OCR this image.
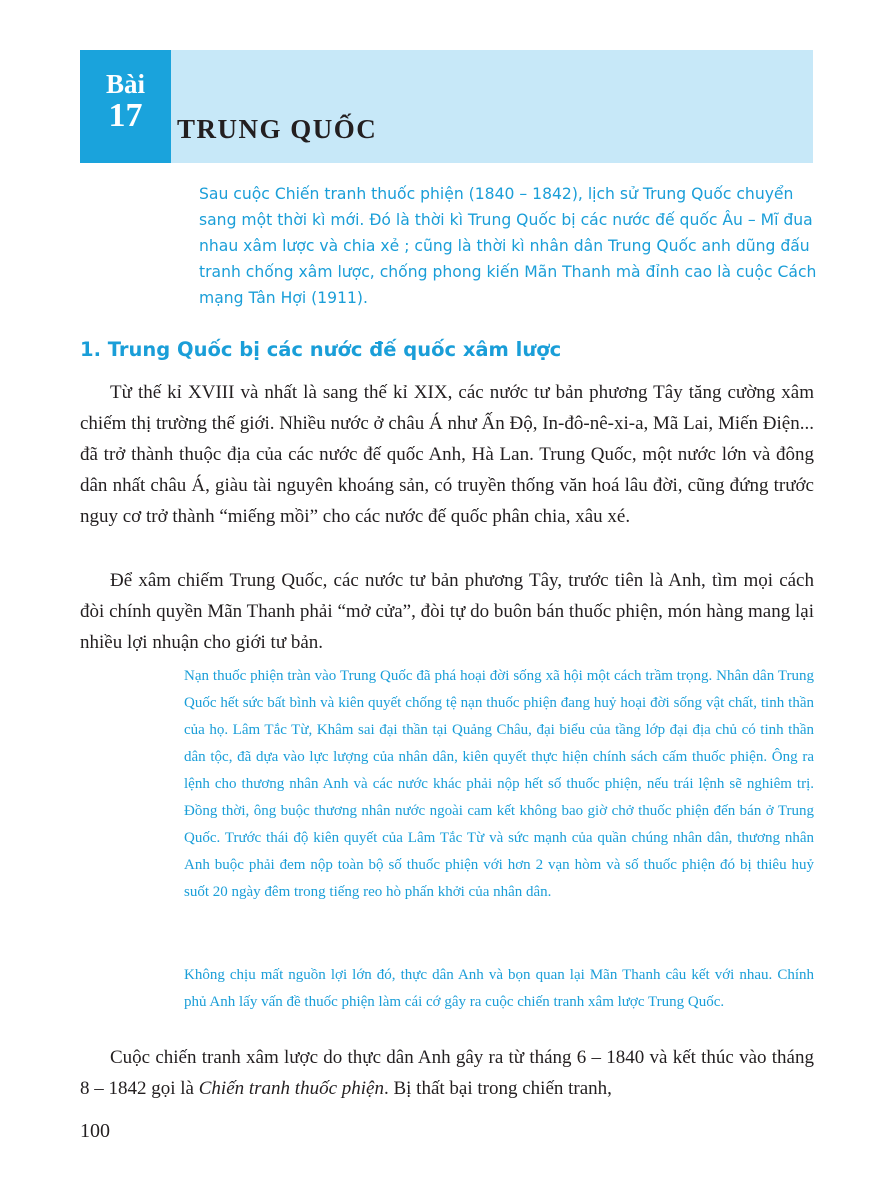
Bài
17	TRUNG QUỐC

Sau cuộc Chiến tranh thuốc phiện (1840 – 1842), lịch sử Trung Quốc chuyển sang một thời kì mới. Đó là thời kì Trung Quốc bị các nước đế quốc Âu – Mĩ đua nhau xâm lược và chia xẻ ; cũng là thời kì nhân dân Trung Quốc anh dũng đấu tranh chống xâm lược, chống phong kiến Mãn Thanh mà đỉnh cao là cuộc Cách mạng Tân Hợi (1911).

1. Trung Quốc bị các nước đế quốc xâm lược

Từ thế kỉ XVIII và nhất là sang thế kỉ XIX, các nước tư bản phương Tây tăng cường xâm chiếm thị trường thế giới. Nhiều nước ở châu Á như Ấn Độ, In-đô-nê-xi-a, Mã Lai, Miến Điện... đã trở thành thuộc địa của các nước đế quốc Anh, Hà Lan. Trung Quốc, một nước lớn và đông dân nhất châu Á, giàu tài nguyên khoáng sản, có truyền thống văn hoá lâu đời, cũng đứng trước nguy cơ trở thành “miếng mồi” cho các nước đế quốc phân chia, xâu xé.

Để xâm chiếm Trung Quốc, các nước tư bản phương Tây, trước tiên là Anh, tìm mọi cách đòi chính quyền Mãn Thanh phải “mở cửa”, đòi tự do buôn bán thuốc phiện, món hàng mang lại nhiều lợi nhuận cho giới tư bản.

Nạn thuốc phiện tràn vào Trung Quốc đã phá hoại đời sống xã hội một cách trầm trọng. Nhân dân Trung Quốc hết sức bất bình và kiên quyết chống tệ nạn thuốc phiện đang huỷ hoại đời sống vật chất, tinh thần của họ. Lâm Tắc Từ, Khâm sai đại thần tại Quảng Châu, đại biểu của tầng lớp đại địa chủ có tinh thần dân tộc, đã dựa vào lực lượng của nhân dân, kiên quyết thực hiện chính sách cấm thuốc phiện. Ông ra lệnh cho thương nhân Anh và các nước khác phải nộp hết số thuốc phiện, nếu trái lệnh sẽ nghiêm trị. Đồng thời, ông buộc thương nhân nước ngoài cam kết không bao giờ chở thuốc phiện đến bán ở Trung Quốc. Trước thái độ kiên quyết của Lâm Tắc Từ và sức mạnh của quần chúng nhân dân, thương nhân Anh buộc phải đem nộp toàn bộ số thuốc phiện với hơn 2 vạn hòm và số thuốc phiện đó bị thiêu huỷ suốt 20 ngày đêm trong tiếng reo hò phấn khởi của nhân dân.

Không chịu mất nguồn lợi lớn đó, thực dân Anh và bọn quan lại Mãn Thanh câu kết với nhau. Chính phủ Anh lấy vấn đề thuốc phiện làm cái cớ gây ra cuộc chiến tranh xâm lược Trung Quốc.

Cuộc chiến tranh xâm lược do thực dân Anh gây ra từ tháng 6 – 1840 và kết thúc vào tháng 8 – 1842 gọi là Chiến tranh thuốc phiện. Bị thất bại trong chiến tranh,

100
